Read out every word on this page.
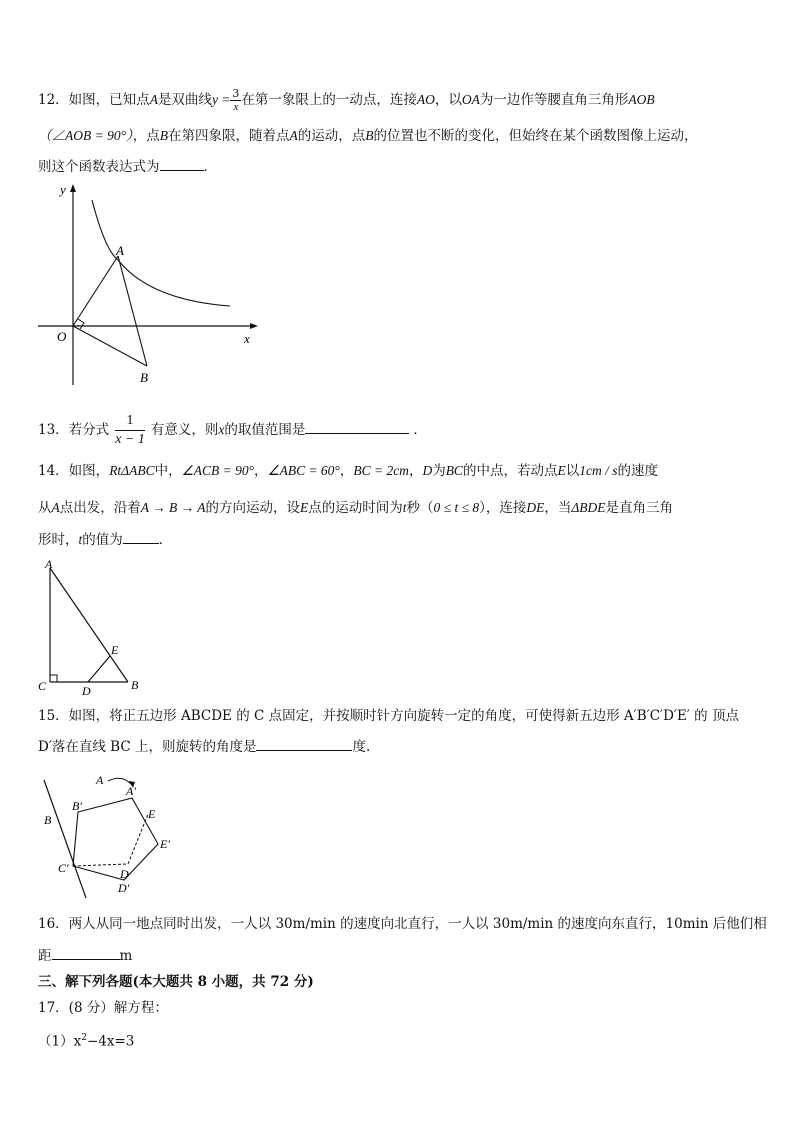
12．如图，已知点A是双曲线$y = \frac{3}{x}$ 在第一象限上的一动点，连接AO，以OA为一边作等腰直角三角形AOB
（∠AOB = 90°），点B在第四象限，随着点A的运动，点B的位置也不断的变化，但始终在某个函数图像上运动，
则这个函数表达式为	．
y
x
O
A
B
13．若分式 $\frac{1}{x - 1}$ 有意义，则x的取值范围是	．
14．如图，RtΔABC中，∠ACB = 90°，∠ABC = 60°，BC = 2cm，D为BC的中点，若动点E以1cm / s的速度
从A点出发，沿着A → B → A的方向运动，设E点的运动时间为t秒（0 ≤ t ≤ 8），连接DE，当ΔBDE是直角三角
形时，t的值为	．
A
C	D
E
B
15．如图，将正五边形 ABCDE 的 C 点固定，并按顺时针方向旋转一定的角度，可使得新五边形 A′B′C′D′E′ 的 顶点
D′落在直线 BC 上，则旋转的角度是	度.
A
A′
B
B′
E
E′
C′	D
D′
16．两人从同一地点同时出发，一人以 30m/min 的速度向北直行，一人以 30m/min 的速度向东直行，10min 后他们相
距	m
三、解下列各题(本大题共 8 小题，共 72 分)
17．(8 分）解方程：
$(1)x^2-4x=3$
